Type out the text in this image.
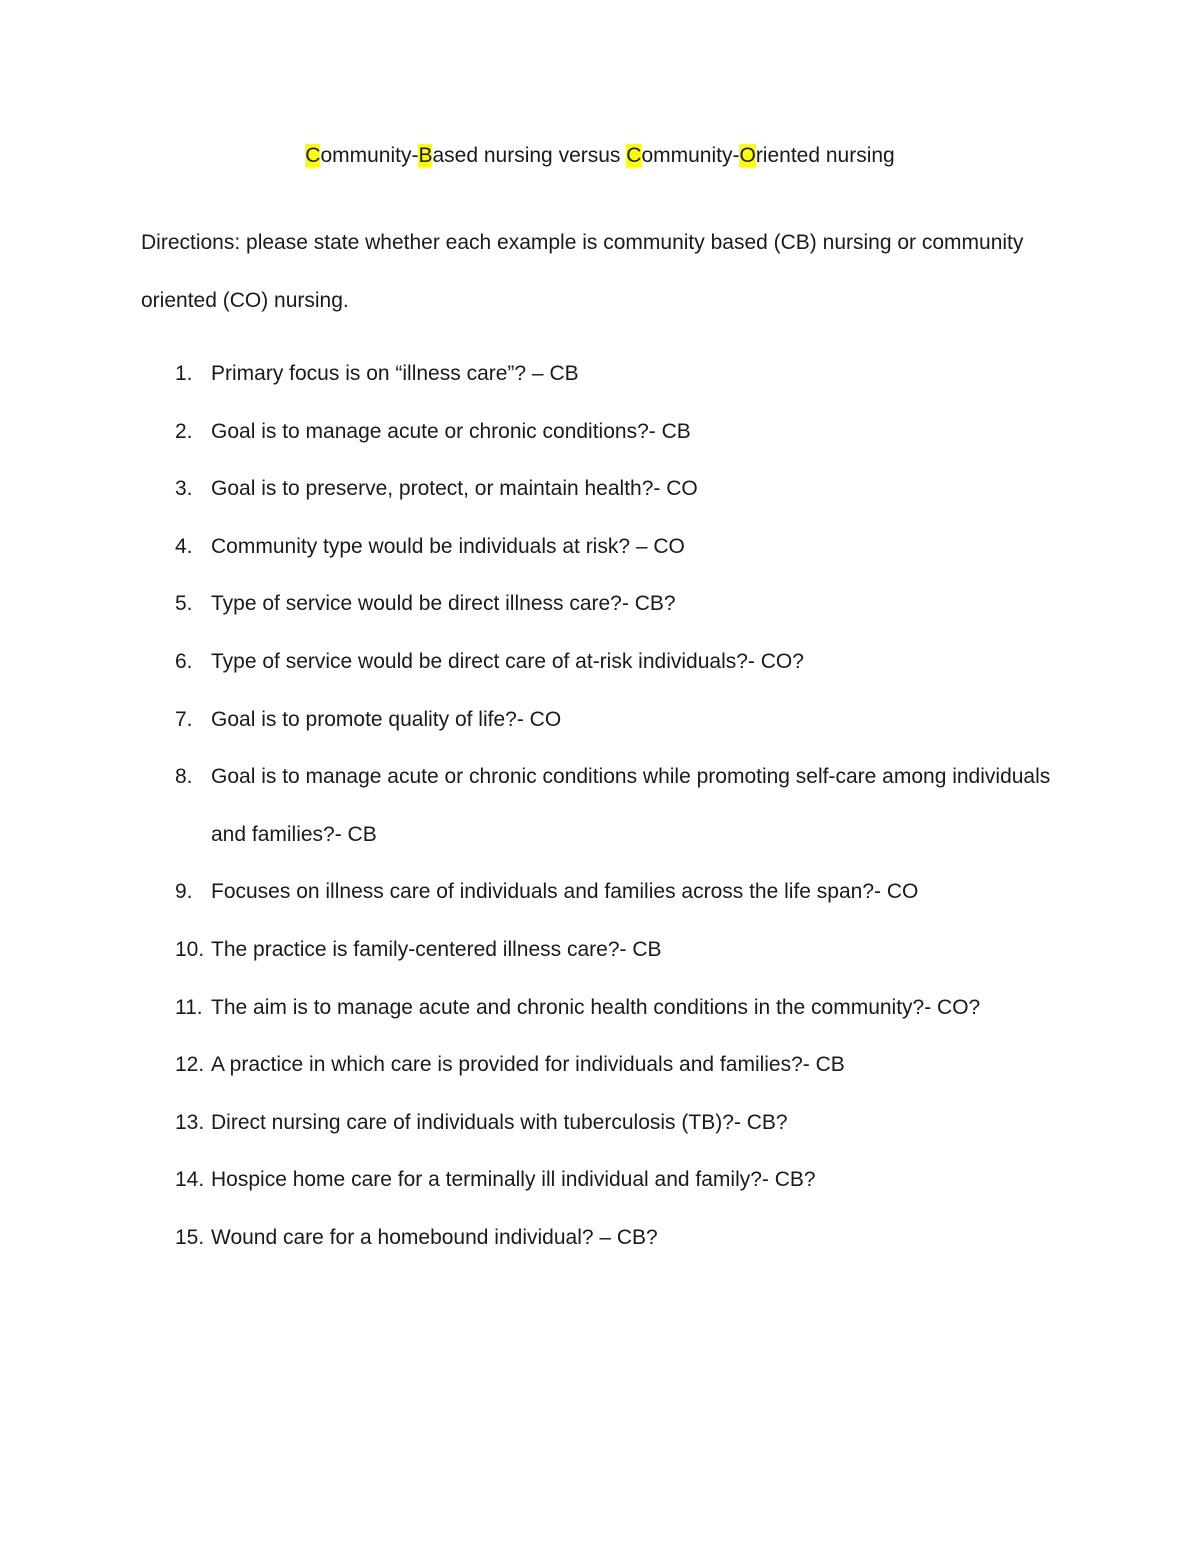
Community-Based nursing versus Community-Oriented nursing

Directions: please state whether each example is community based (CB) nursing or community oriented (CO) nursing.

1. Primary focus is on “illness care”? – CB
2. Goal is to manage acute or chronic conditions?- CB
3. Goal is to preserve, protect, or maintain health?- CO
4. Community type would be individuals at risk? – CO
5. Type of service would be direct illness care?- CB?
6. Type of service would be direct care of at-risk individuals?- CO?
7. Goal is to promote quality of life?- CO
8. Goal is to manage acute or chronic conditions while promoting self-care among individuals and families?- CB
9. Focuses on illness care of individuals and families across the life span?- CO
10. The practice is family-centered illness care?- CB
11. The aim is to manage acute and chronic health conditions in the community?- CO?
12. A practice in which care is provided for individuals and families?- CB
13. Direct nursing care of individuals with tuberculosis (TB)?- CB?
14. Hospice home care for a terminally ill individual and family?- CB?
15. Wound care for a homebound individual? – CB?
